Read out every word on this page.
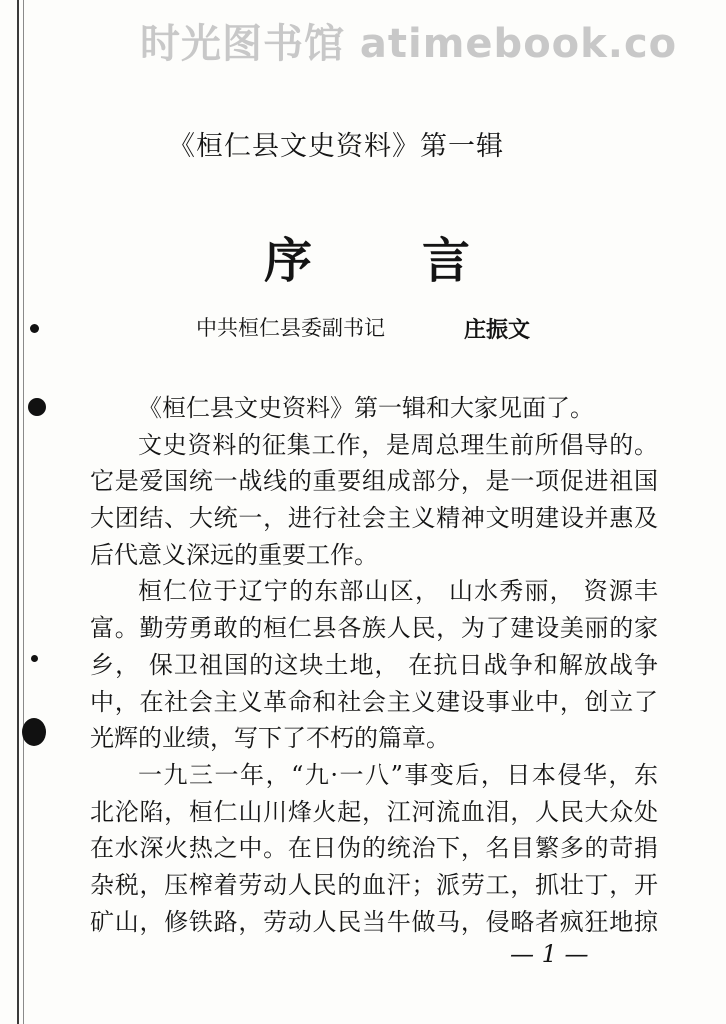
时光图书馆 atimebook.co
《桓仁县文史资料》第一辑
序言
中共桓仁县委副书记	庄振文
《桓仁县文史资料》第一辑和大家见面了。
文史资料的征集工作，是周总理生前所倡导的。
它是爱国统一战线的重要组成部分，是一项促进祖国
大团结、大统一，进行社会主义精神文明建设并惠及
后代意义深远的重要工作。
桓仁位于辽宁的东部山区， 山水秀丽， 资源丰
富。勤劳勇敢的桓仁县各族人民，为了建设美丽的家
乡， 保卫祖国的这块土地， 在抗日战争和解放战争
中，在社会主义革命和社会主义建设事业中，创立了
光辉的业绩，写下了不朽的篇章。
一九三一年，“九·一八”事变后，日本侵华，东
北沦陷，桓仁山川烽火起，江河流血泪，人民大众处
在水深火热之中。在日伪的统治下，名目繁多的苛捐
杂税，压榨着劳动人民的血汗；派劳工，抓壮丁，开
矿山，修铁路，劳动人民当牛做马，侵略者疯狂地掠
— 1 —
